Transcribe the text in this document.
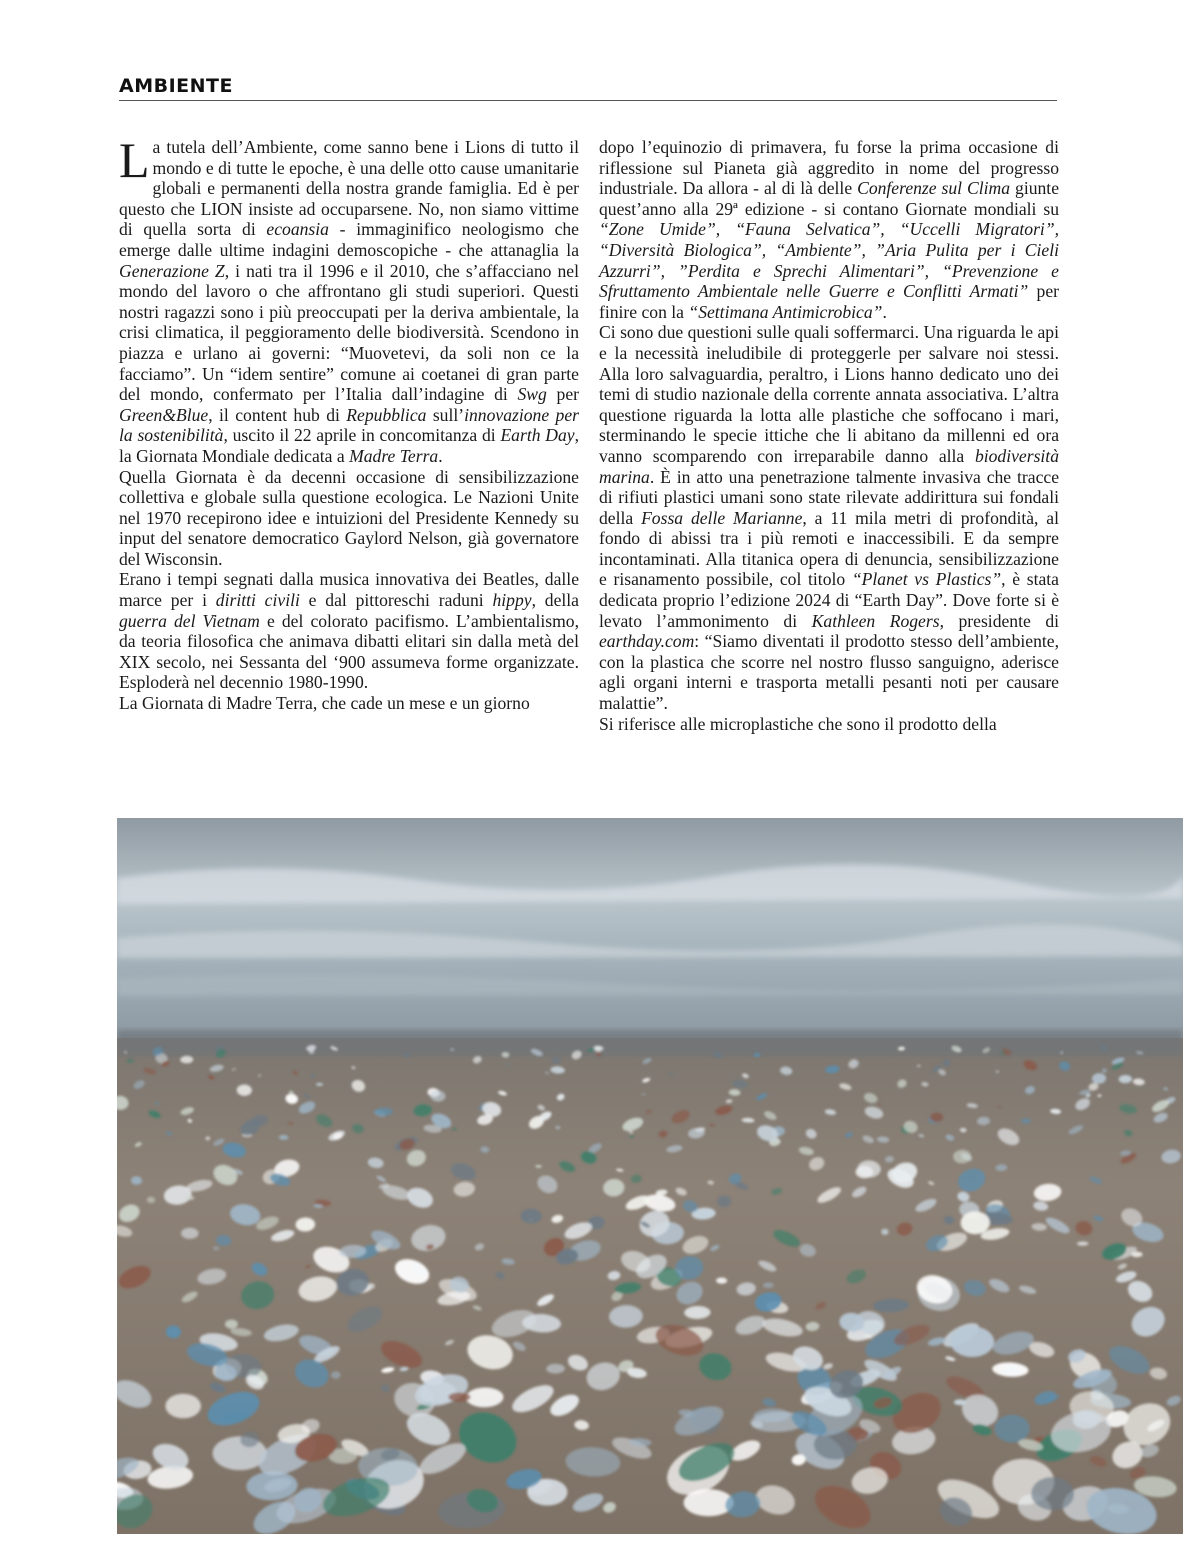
AMBIENTE

La tutela dell’Ambiente, come sanno bene i Lions di tutto il mondo e di tutte le epoche, è una delle otto cause umanitarie globali e permanenti della nostra grande famiglia. Ed è per questo che LION insiste ad occuparsene. No, non siamo vittime di quella sorta di ecoansia - immaginifico neologismo che emerge dalle ultime indagini demoscopiche - che attanaglia la Generazione Z, i nati tra il 1996 e il 2010, che s’affacciano nel mondo del lavoro o che affrontano gli studi superiori. Questi nostri ragazzi sono i più preoccupati per la deriva ambientale, la crisi climatica, il peggioramento delle biodiversità. Scendono in piazza e urlano ai governi: “Muovetevi, da soli non ce la facciamo”. Un “idem sentire” comune ai coetanei di gran parte del mondo, confermato per l’Italia dall’indagine di Swg per Green&Blue, il content hub di Repubblica sull’innovazione per la sostenibilità, uscito il 22 aprile in concomitanza di Earth Day, la Giornata Mondiale dedicata a Madre Terra.

Quella Giornata è da decenni occasione di sensibilizzazione collettiva e globale sulla questione ecologica. Le Nazioni Unite nel 1970 recepirono idee e intuizioni del Presidente Kennedy su input del senatore democratico Gaylord Nelson, già governatore del Wisconsin.

Erano i tempi segnati dalla musica innovativa dei Beatles, dalle marce per i diritti civili e dal pittoreschi raduni hippy, della guerra del Vietnam e del colorato pacifismo. L’ambientalismo, da teoria filosofica che animava dibatti elitari sin dalla metà del XIX secolo, nei Sessanta del ‘900 assumeva forme organizzate. Esploderà nel decennio 1980-1990.

La Giornata di Madre Terra, che cade un mese e un giorno

dopo l’equinozio di primavera, fu forse la prima occasione di riflessione sul Pianeta già aggredito in nome del progresso industriale. Da allora - al di là delle Conferenze sul Clima giunte quest’anno alla 29ª edizione - si contano Giornate mondiali su “Zone Umide”, “Fauna Selvatica”, “Uccelli Migratori”, “Diversità Biologica”, “Ambiente”, ”Aria Pulita per i Cieli Azzurri”, ”Perdita e Sprechi Alimentari”, “Prevenzione e Sfruttamento Ambientale nelle Guerre e Conflitti Armati” per finire con la “Settimana Antimicrobica”.

Ci sono due questioni sulle quali soffermarci. Una riguarda le api e la necessità ineludibile di proteggerle per salvare noi stessi. Alla loro salvaguardia, peraltro, i Lions hanno dedicato uno dei temi di studio nazionale della corrente annata associativa. L’altra questione riguarda la lotta alle plastiche che soffocano i mari, sterminando le specie ittiche che li abitano da millenni ed ora vanno scomparendo con irreparabile danno alla biodiversità marina. È in atto una penetrazione talmente invasiva che tracce di rifiuti plastici umani sono state rilevate addirittura sui fondali della Fossa delle Marianne, a 11 mila metri di profondità, al fondo di abissi tra i più remoti e inaccessibili. E da sempre incontaminati. Alla titanica opera di denuncia, sensibilizzazione e risanamento possibile, col titolo “Planet vs Plastics”, è stata dedicata proprio l’edizione 2024 di “Earth Day”. Dove forte si è levato l’ammonimento di Kathleen Rogers, presidente di earthday.com: “Siamo diventati il prodotto stesso dell’ambiente, con la plastica che scorre nel nostro flusso sanguigno, aderisce agli organi interni e trasporta metalli pesanti noti per causare malattie”.

Si riferisce alle microplastiche che sono il prodotto della
